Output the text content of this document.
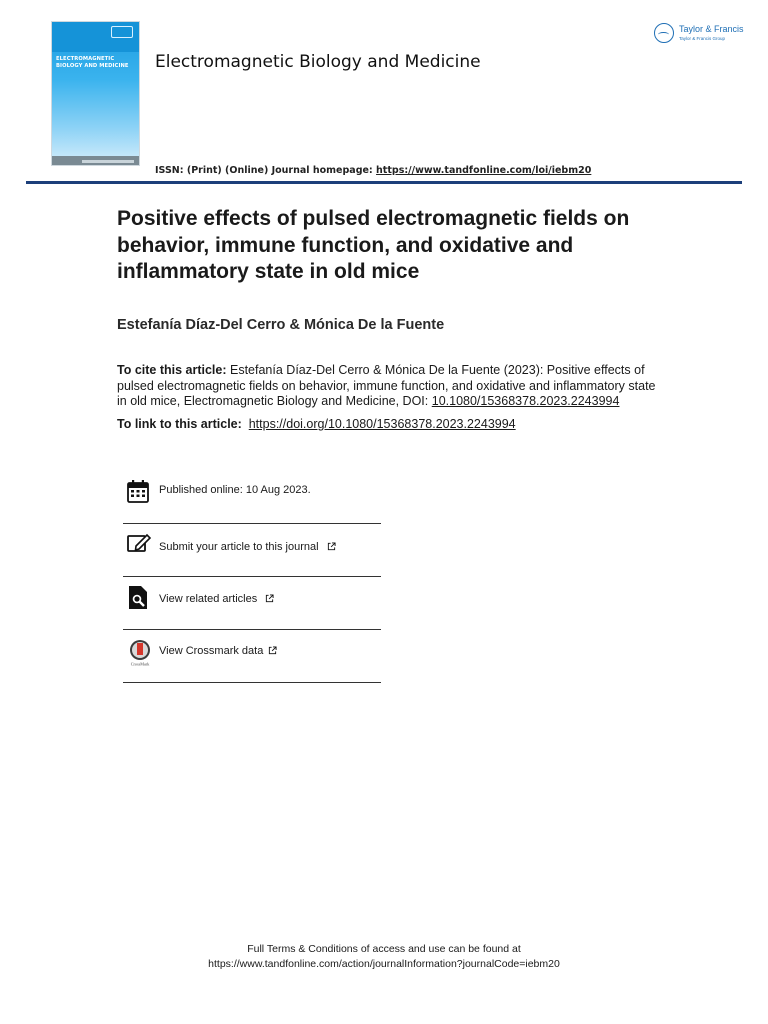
ELECTROMAGNETIC BIOLOGY AND MEDICINE	Electromagnetic Biology and Medicine
Taylor & Francis
Taylor & Francis Group
ISSN: (Print) (Online) Journal homepage: https://www.tandfonline.com/loi/iebm20
Positive effects of pulsed electromagnetic fields on behavior, immune function, and oxidative and inflammatory state in old mice
Estefanía Díaz-Del Cerro & Mónica De la Fuente
To cite this article: Estefanía Díaz-Del Cerro & Mónica De la Fuente (2023): Positive effects of pulsed electromagnetic fields on behavior, immune function, and oxidative and inflammatory state in old mice, Electromagnetic Biology and Medicine, DOI: 10.1080/15368378.2023.2243994
To link to this article: https://doi.org/10.1080/15368378.2023.2243994
Published online: 10 Aug 2023.
Submit your article to this journal
View related articles
CrossMark
View Crossmark data
Full Terms & Conditions of access and use can be found at
https://www.tandfonline.com/action/journalInformation?journalCode=iebm20
